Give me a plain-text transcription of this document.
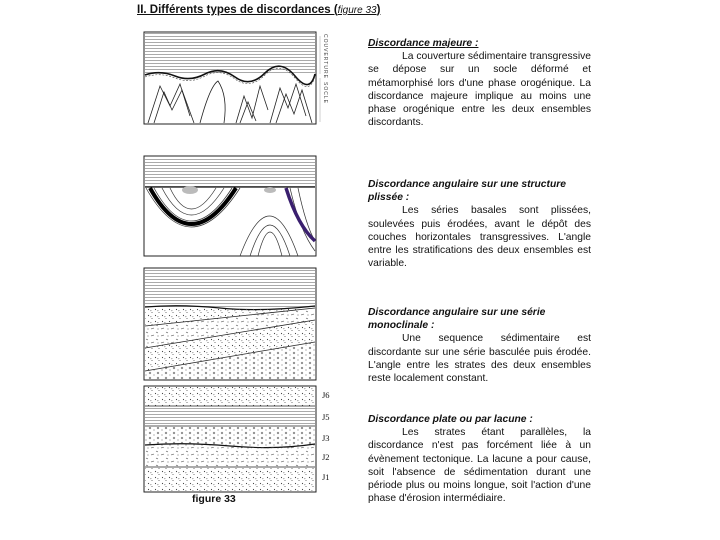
II. Différents types de discordances (figure 33)
COUVERTURE
SOCLE
J6
J5
J3
J2
J1
figure 33
Discordance majeure :

La couverture sédimentaire transgressive se dépose sur un socle déformé et métamorphisé lors d'une phase orogénique. La discordance majeure implique au moins une phase orogénique entre les deux ensembles discordants.

Discordance angulaire sur une structure plissée :

Les séries basales sont plissées, soulevées puis érodées, avant le dépôt des couches horizontales transgressives. L'angle entre les stratifications des deux ensembles est variable.

Discordance angulaire sur une série monoclinale :

Une sequence sédimentaire est discordante sur une série basculée puis érodée. L'angle entre les strates des deux ensembles reste localement constant.

Discordance plate ou par lacune :

Les strates étant parallèles, la discordance n'est pas forcément liée à un évènement tectonique. La lacune a pour cause, soit l'absence de sédimentation durant une période plus ou moins longue, soit l'action d'une phase d'érosion intermédiaire.
